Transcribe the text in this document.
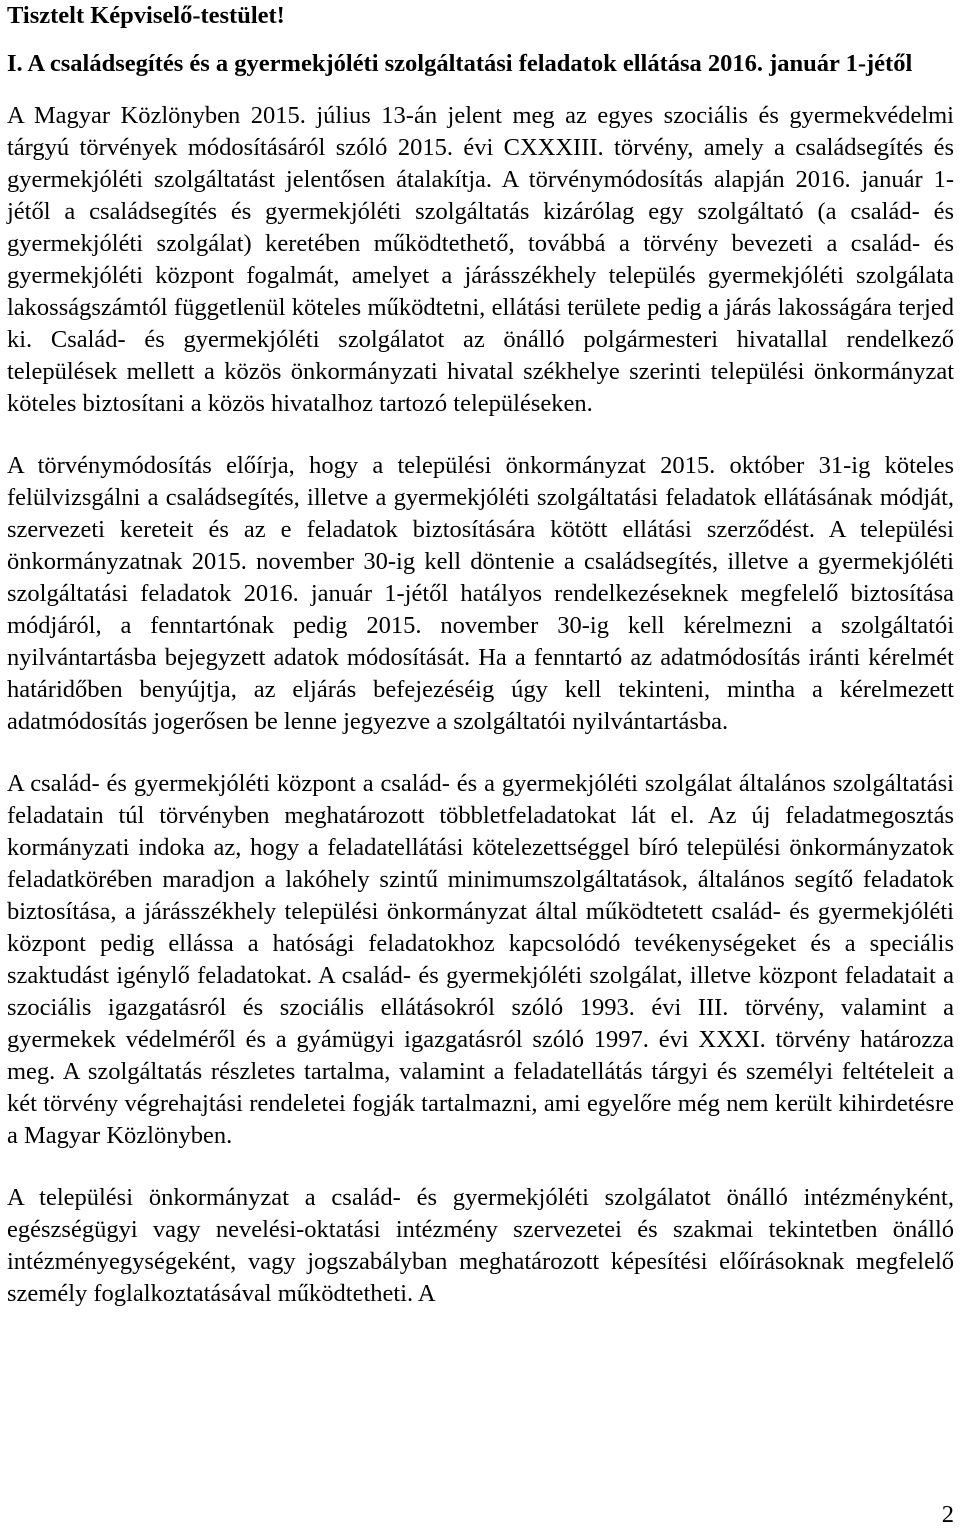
Tisztelt Képviselő-testület!

I. A családsegítés és a gyermekjóléti szolgáltatási feladatok ellátása 2016. január 1-jétől

A Magyar Közlönyben 2015. július 13-án jelent meg az egyes szociális és gyermekvédelmi tárgyú törvények módosításáról szóló 2015. évi CXXXIII. törvény, amely a családsegítés és gyermekjóléti szolgáltatást jelentősen átalakítja. A törvénymódosítás alapján 2016. január 1-jétől a családsegítés és gyermekjóléti szolgáltatás kizárólag egy szolgáltató (a család- és gyermekjóléti szolgálat) keretében működtethető, továbbá a törvény bevezeti a család- és gyermekjóléti központ fogalmát, amelyet a járásszékhely település gyermekjóléti szolgálata lakosságszámtól függetlenül köteles működtetni, ellátási területe pedig a járás lakosságára terjed ki. Család- és gyermekjóléti szolgálatot az önálló polgármesteri hivatallal rendelkező települések mellett a közös önkormányzati hivatal székhelye szerinti települési önkormányzat köteles biztosítani a közös hivatalhoz tartozó településeken.

A törvénymódosítás előírja, hogy a települési önkormányzat 2015. október 31-ig köteles felülvizsgálni a családsegítés, illetve a gyermekjóléti szolgáltatási feladatok ellátásának módját, szervezeti kereteit és az e feladatok biztosítására kötött ellátási szerződést. A települési önkormányzatnak 2015. november 30-ig kell döntenie a családsegítés, illetve a gyermekjóléti szolgáltatási feladatok 2016. január 1-jétől hatályos rendelkezéseknek megfelelő biztosítása módjáról, a fenntartónak pedig 2015. november 30-ig kell kérelmezni a szolgáltatói nyilvántartásba bejegyzett adatok módosítását. Ha a fenntartó az adatmódosítás iránti kérelmét határidőben benyújtja, az eljárás befejezéséig úgy kell tekinteni, mintha a kérelmezett adatmódosítás jogerősen be lenne jegyezve a szolgáltatói nyilvántartásba.

A család- és gyermekjóléti központ a család- és a gyermekjóléti szolgálat általános szolgáltatási feladatain túl törvényben meghatározott többletfeladatokat lát el. Az új feladatmegosztás kormányzati indoka az, hogy a feladatellátási kötelezettséggel bíró települési önkormányzatok feladatkörében maradjon a lakóhely szintű minimumszolgáltatások, általános segítő feladatok biztosítása, a járásszékhely települési önkormányzat által működtetett család- és gyermekjóléti központ pedig ellássa a hatósági feladatokhoz kapcsolódó tevékenységeket és a speciális szaktudást igénylő feladatokat. A család- és gyermekjóléti szolgálat, illetve központ feladatait a szociális igazgatásról és szociális ellátásokról szóló 1993. évi III. törvény, valamint a gyermekek védelméről és a gyámügyi igazgatásról szóló 1997. évi XXXI. törvény határozza meg. A szolgáltatás részletes tartalma, valamint a feladatellátás tárgyi és személyi feltételeit a két törvény végrehajtási rendeletei fogják tartalmazni, ami egyelőre még nem került kihirdetésre a Magyar Közlönyben.

A települési önkormányzat a család- és gyermekjóléti szolgálatot önálló intézményként, egészségügyi vagy nevelési-oktatási intézmény szervezetei és szakmai tekintetben önálló intézményegységeként, vagy jogszabályban meghatározott képesítési előírásoknak megfelelő személy foglalkoztatásával működtetheti. A

2
